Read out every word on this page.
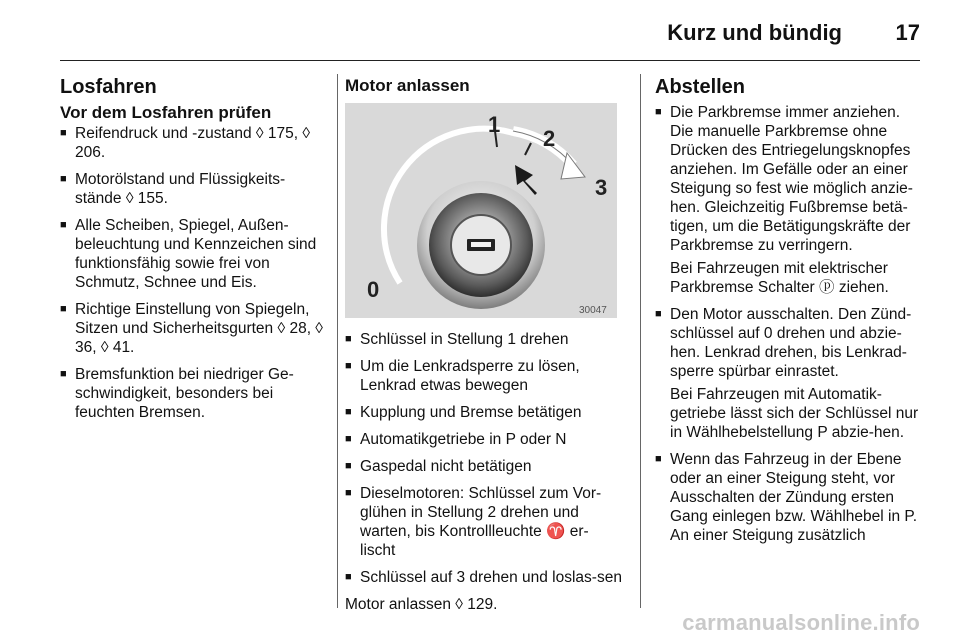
Kurz und bündig 17
Losfahren
Vor dem Losfahren prüfen
■ Reifendruck und -zustand ◊ 175, ◊ 206.
■ Motorölstand und Flüssigkeits-stände ◊ 155.
■ Alle Scheiben, Spiegel, Außen-beleuchtung und Kennzeichen sind funktionsfähig sowie frei von Schmutz, Schnee und Eis.
■ Richtige Einstellung von Spiegeln, Sitzen und Sicherheitsgurten ◊ 28, ◊ 36, ◊ 41.
■ Bremsfunktion bei niedriger Ge-schwindigkeit, besonders bei feuchten Bremsen.
Motor anlassen
1
2
3
0
30047
■ Schlüssel in Stellung 1 drehen
■ Um die Lenkradsperre zu lösen, Lenkrad etwas bewegen
■ Kupplung und Bremse betätigen
■ Automatikgetriebe in P oder N
■ Gaspedal nicht betätigen
■ Dieselmotoren: Schlüssel zum Vor-glühen in Stellung 2 drehen und warten, bis Kontrollleuchte ♈ er-lischt
■ Schlüssel auf 3 drehen und loslas-sen
Motor anlassen ◊ 129.
Abstellen
■ Die Parkbremse immer anziehen. Die manuelle Parkbremse ohne Drücken des Entriegelungsknopfes anziehen. Im Gefälle oder an einer Steigung so fest wie möglich anzie-hen. Gleichzeitig Fußbremse betä-tigen, um die Betätigungskräfte der Parkbremse zu verringern.
Bei Fahrzeugen mit elektrischer Parkbremse Schalter ⓟ ziehen.
■ Den Motor ausschalten. Den Zünd-schlüssel auf 0 drehen und abzie-hen. Lenkrad drehen, bis Lenkrad-sperre spürbar einrastet.
Bei Fahrzeugen mit Automatik-getriebe lässt sich der Schlüssel nur in Wählhebelstellung P abzie-hen.
■ Wenn das Fahrzeug in der Ebene oder an einer Steigung steht, vor Ausschalten der Zündung ersten Gang einlegen bzw. Wählhebel in P. An einer Steigung zusätzlich
carmanualsonline.info
